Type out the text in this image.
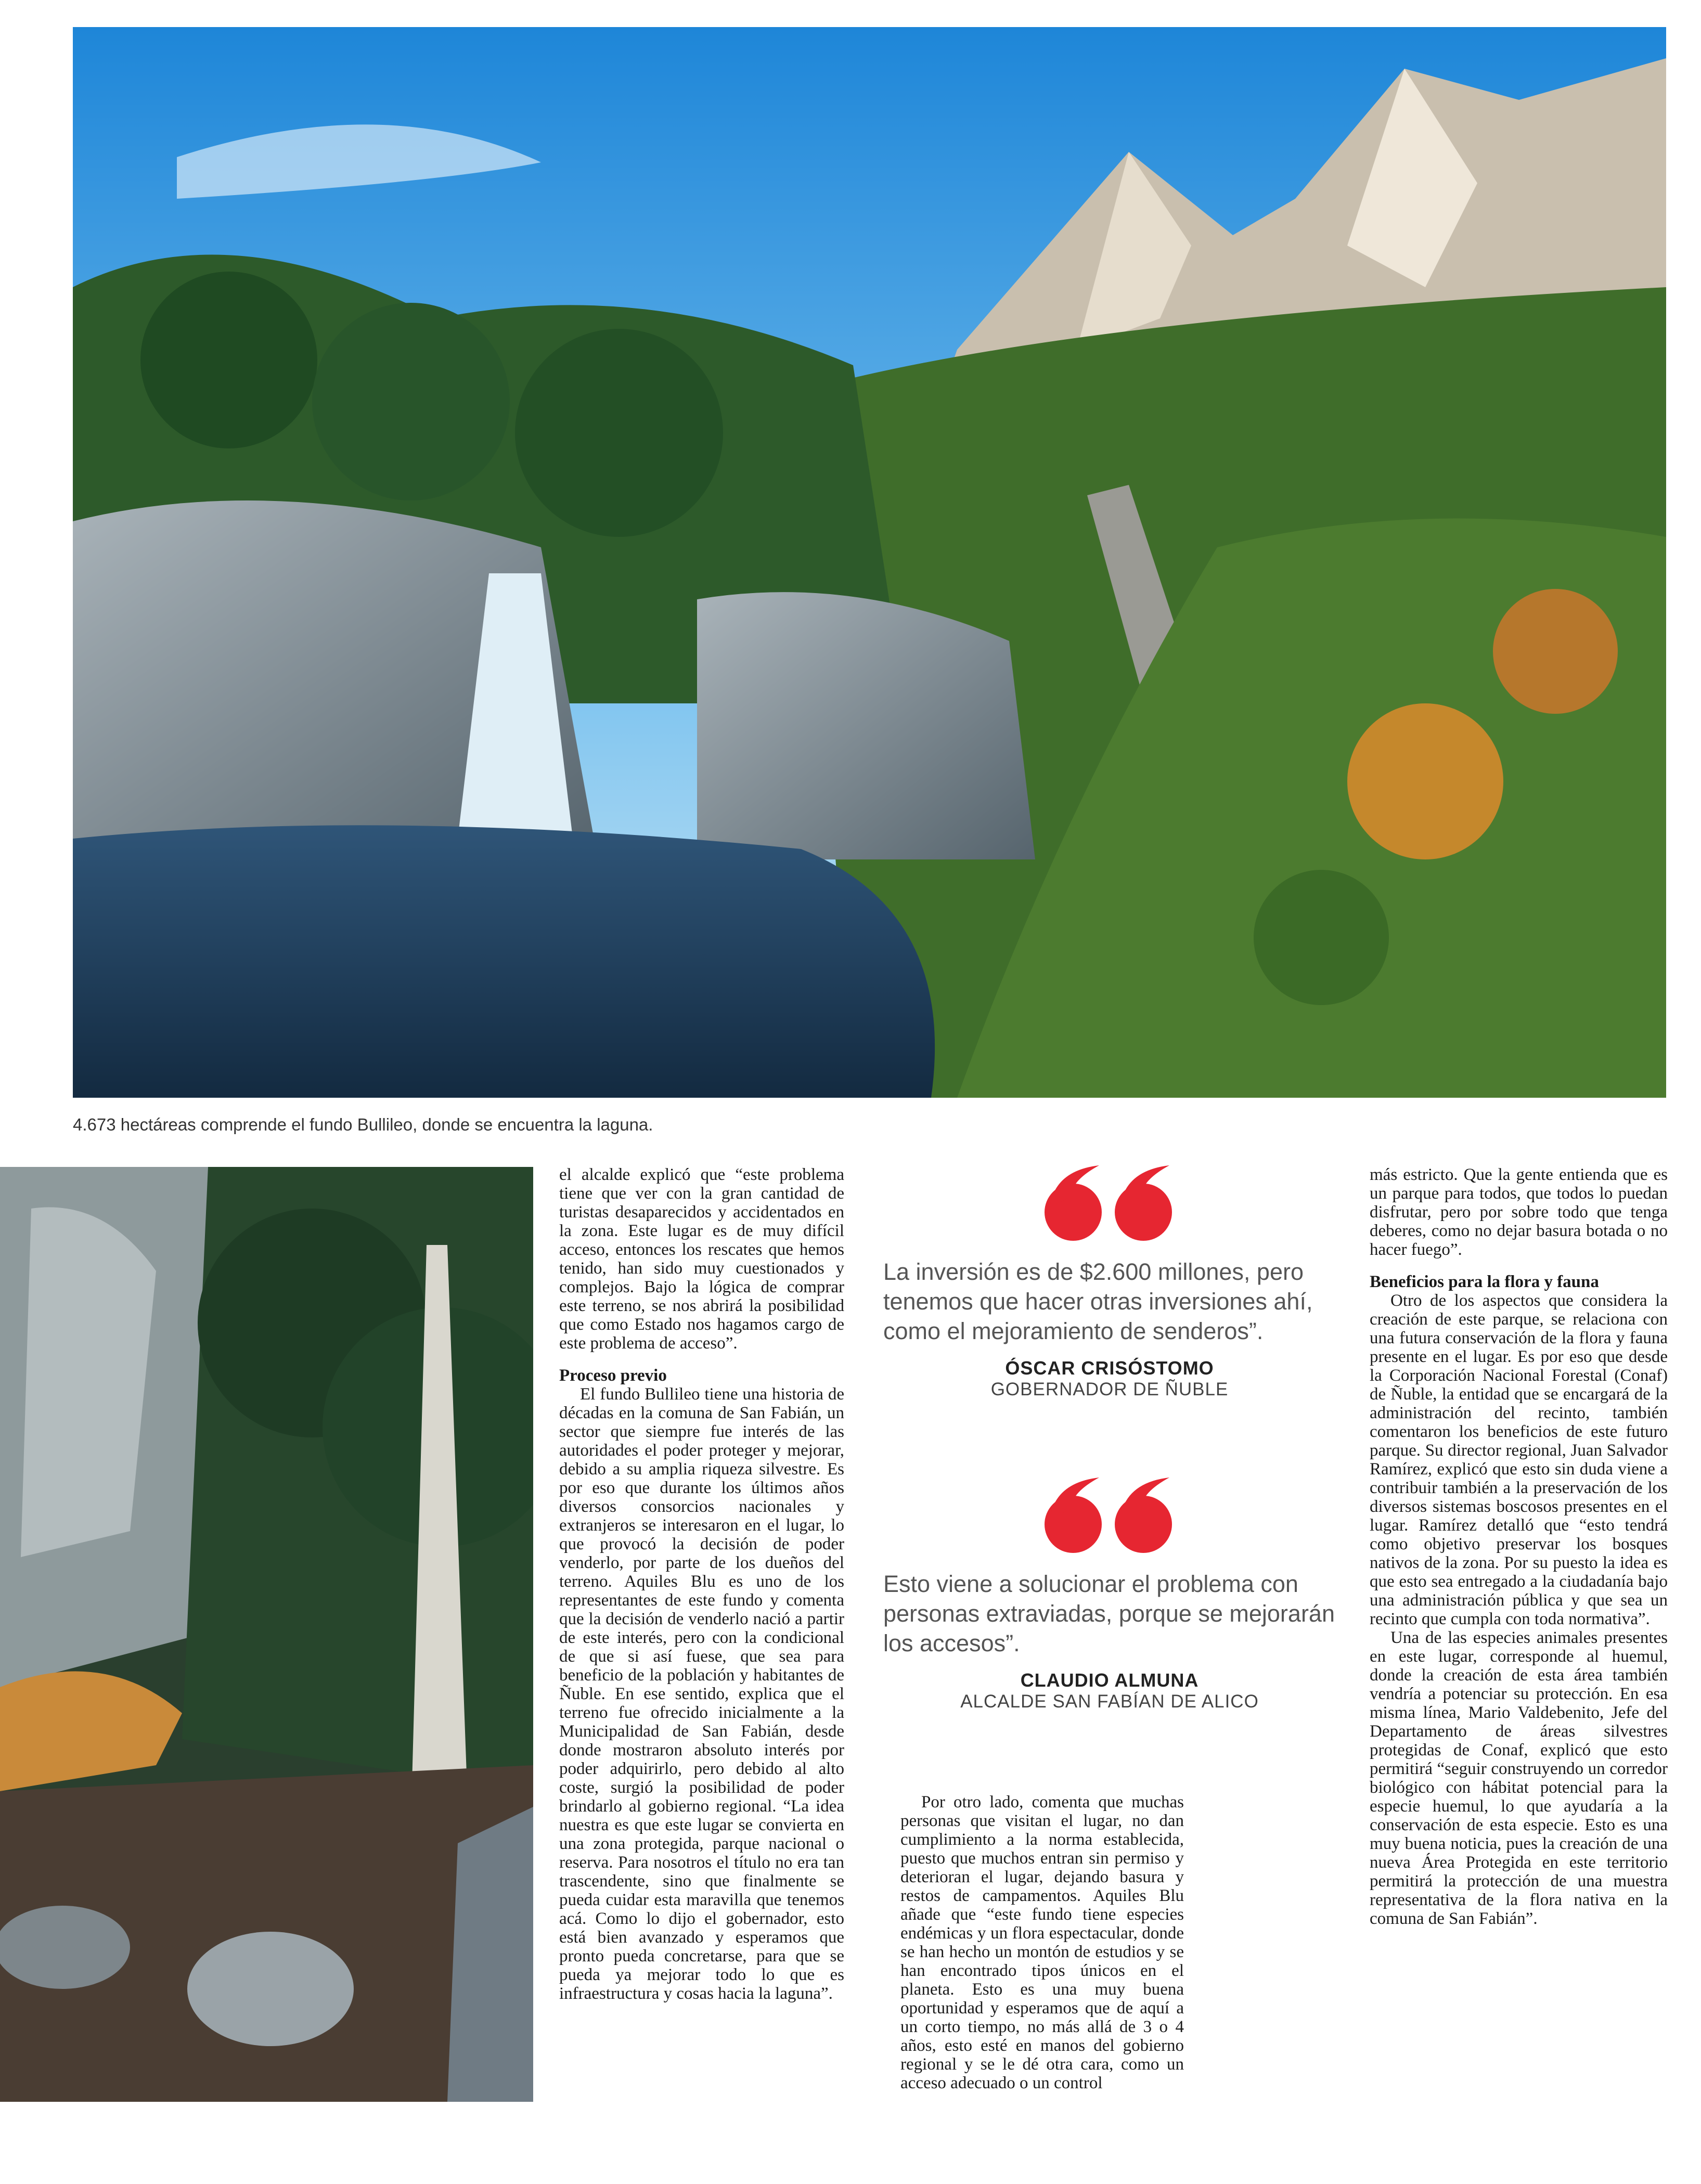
4.673 hectáreas comprende el fundo Bullileo, donde se encuentra la laguna.

el alcalde explicó que “este problema tiene que ver con la gran cantidad de turistas desaparecidos y accidentados en la zona. Este lugar es de muy difícil acceso, entonces los rescates que hemos tenido, han sido muy cuestionados y complejos. Bajo la lógica de comprar este terreno, se nos abrirá la posibilidad que como Estado nos hagamos cargo de este problema de acceso”.

Proceso previo

El fundo Bullileo tiene una historia de décadas en la comuna de San Fabián, un sector que siempre fue interés de las autoridades el poder proteger y mejorar, debido a su amplia riqueza silvestre. Es por eso que durante los últimos años diversos consorcios nacionales y extranjeros se interesaron en el lugar, lo que provocó la decisión de poder venderlo, por parte de los dueños del terreno. Aquiles Blu es uno de los representantes de este fundo y comenta que la decisión de venderlo nació a partir de este interés, pero con la condicional de que si así fuese, que sea para beneficio de la población y habitantes de Ñuble. En ese sentido, explica que el terreno fue ofrecido inicialmente a la Municipalidad de San Fabián, desde donde mostraron absoluto interés por poder adquirirlo, pero debido al alto coste, surgió la posibilidad de poder brindarlo al gobierno regional. “La idea nuestra es que este lugar se convierta en una zona protegida, parque nacional o reserva. Para nosotros el título no era tan trascendente, sino que finalmente se pueda cuidar esta maravilla que tenemos acá. Como lo dijo el gobernador, esto está bien avanzado y esperamos que pronto pueda concretarse, para que se pueda ya mejorar todo lo que es infraestructura y cosas hacia la laguna”.

La inversión es de $2.600 millones, pero tenemos que hacer otras inversiones ahí, como el mejoramiento de senderos”.
ÓSCAR CRISÓSTOMO
GOBERNADOR DE ÑUBLE
Esto viene a solucionar el problema con personas extraviadas, porque se mejorarán los accesos”.
CLAUDIO ALMUNA
ALCALDE SAN FABÍAN DE ALICO

Por otro lado, comenta que muchas personas que visitan el lugar, no dan cumplimiento a la norma establecida, puesto que muchos entran sin permiso y deterioran el lugar, dejando basura y restos de campamentos. Aquiles Blu añade que “este fundo tiene especies endémicas y un flora espectacular, donde se han hecho un montón de estudios y se han encontrado tipos únicos en el planeta. Esto es una muy buena oportunidad y esperamos que de aquí a un corto tiempo, no más allá de 3 o 4 años, esto esté en manos del gobierno regional y se le dé otra cara, como un acceso adecuado o un control

más estricto. Que la gente entienda que es un parque para todos, que todos lo puedan disfrutar, pero por sobre todo que tenga deberes, como no dejar basura botada o no hacer fuego”.

Beneficios para la flora y fauna

Otro de los aspectos que considera la creación de este parque, se relaciona con una futura conservación de la flora y fauna presente en el lugar. Es por eso que desde la Corporación Nacional Forestal (Conaf) de Ñuble, la entidad que se encargará de la administración del recinto, también comentaron los beneficios de este futuro parque. Su director regional, Juan Salvador Ramírez, explicó que esto sin duda viene a contribuir también a la preservación de los diversos sistemas boscosos presentes en el lugar. Ramírez detalló que “esto tendrá como objetivo preservar los bosques nativos de la zona. Por su puesto la idea es que esto sea entregado a la ciudadanía bajo una administración pública y que sea un recinto que cumpla con toda normativa”.

Una de las especies animales presentes en este lugar, corresponde al huemul, donde la creación de esta área también vendría a potenciar su protección. En esa misma línea, Mario Valdebenito, Jefe del Departamento de áreas silvestres protegidas de Conaf, explicó que esto permitirá “seguir construyendo un corredor biológico con hábitat potencial para la especie huemul, lo que ayudaría a la conservación de esta especie. Esto es una muy buena noticia, pues la creación de una nueva Área Protegida en este territorio permitirá la protección de una muestra representativa de la flora nativa en la comuna de San Fabián”.
